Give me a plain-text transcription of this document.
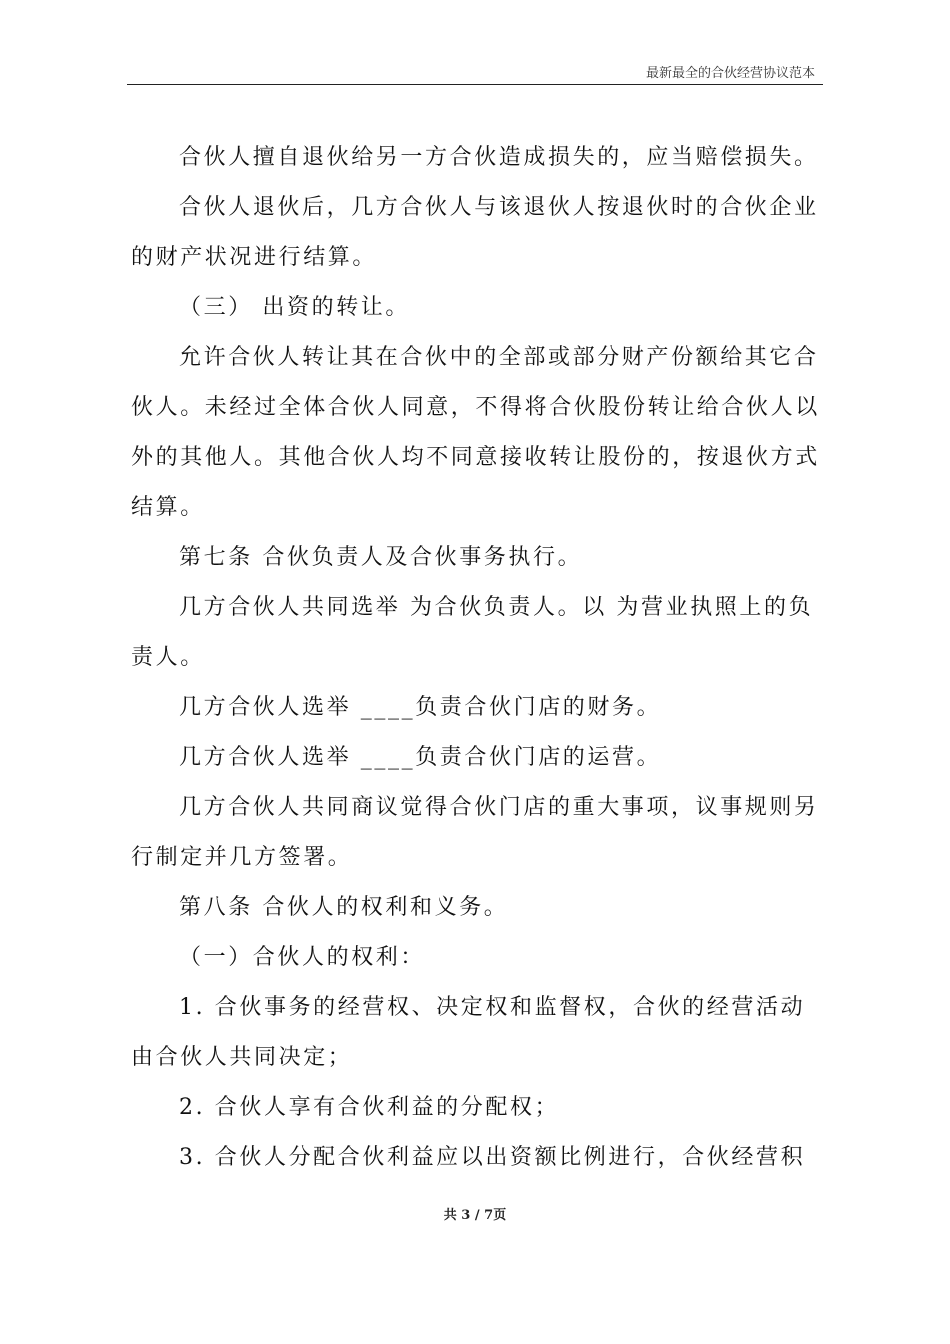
最新最全的合伙经营协议范本

合伙人擅自退伙给另一方合伙造成损失的，应当赔偿损失。

合伙人退伙后，几方合伙人与该退伙人按退伙时的合伙企业的财产状况进行结算。

（三） 出资的转让。

允许合伙人转让其在合伙中的全部或部分财产份额给其它合伙人。未经过全体合伙人同意，不得将合伙股份转让给合伙人以外的其他人。其他合伙人均不同意接收转让股份的，按退伙方式结算。

第七条 合伙负责人及合伙事务执行。

几方合伙人共同选举 为合伙负责人。以 为营业执照上的负责人。

几方合伙人选举 ____负责合伙门店的财务。

几方合伙人选举 ____负责合伙门店的运营。

几方合伙人共同商议觉得合伙门店的重大事项，议事规则另行制定并几方签署。

第八条 合伙人的权利和义务。

（一）合伙人的权利：

1. 合伙事务的经营权、决定权和监督权，合伙的经营活动由合伙人共同决定；

2. 合伙人享有合伙利益的分配权；

3. 合伙人分配合伙利益应以出资额比例进行，合伙经营积

共 3 / 7页
